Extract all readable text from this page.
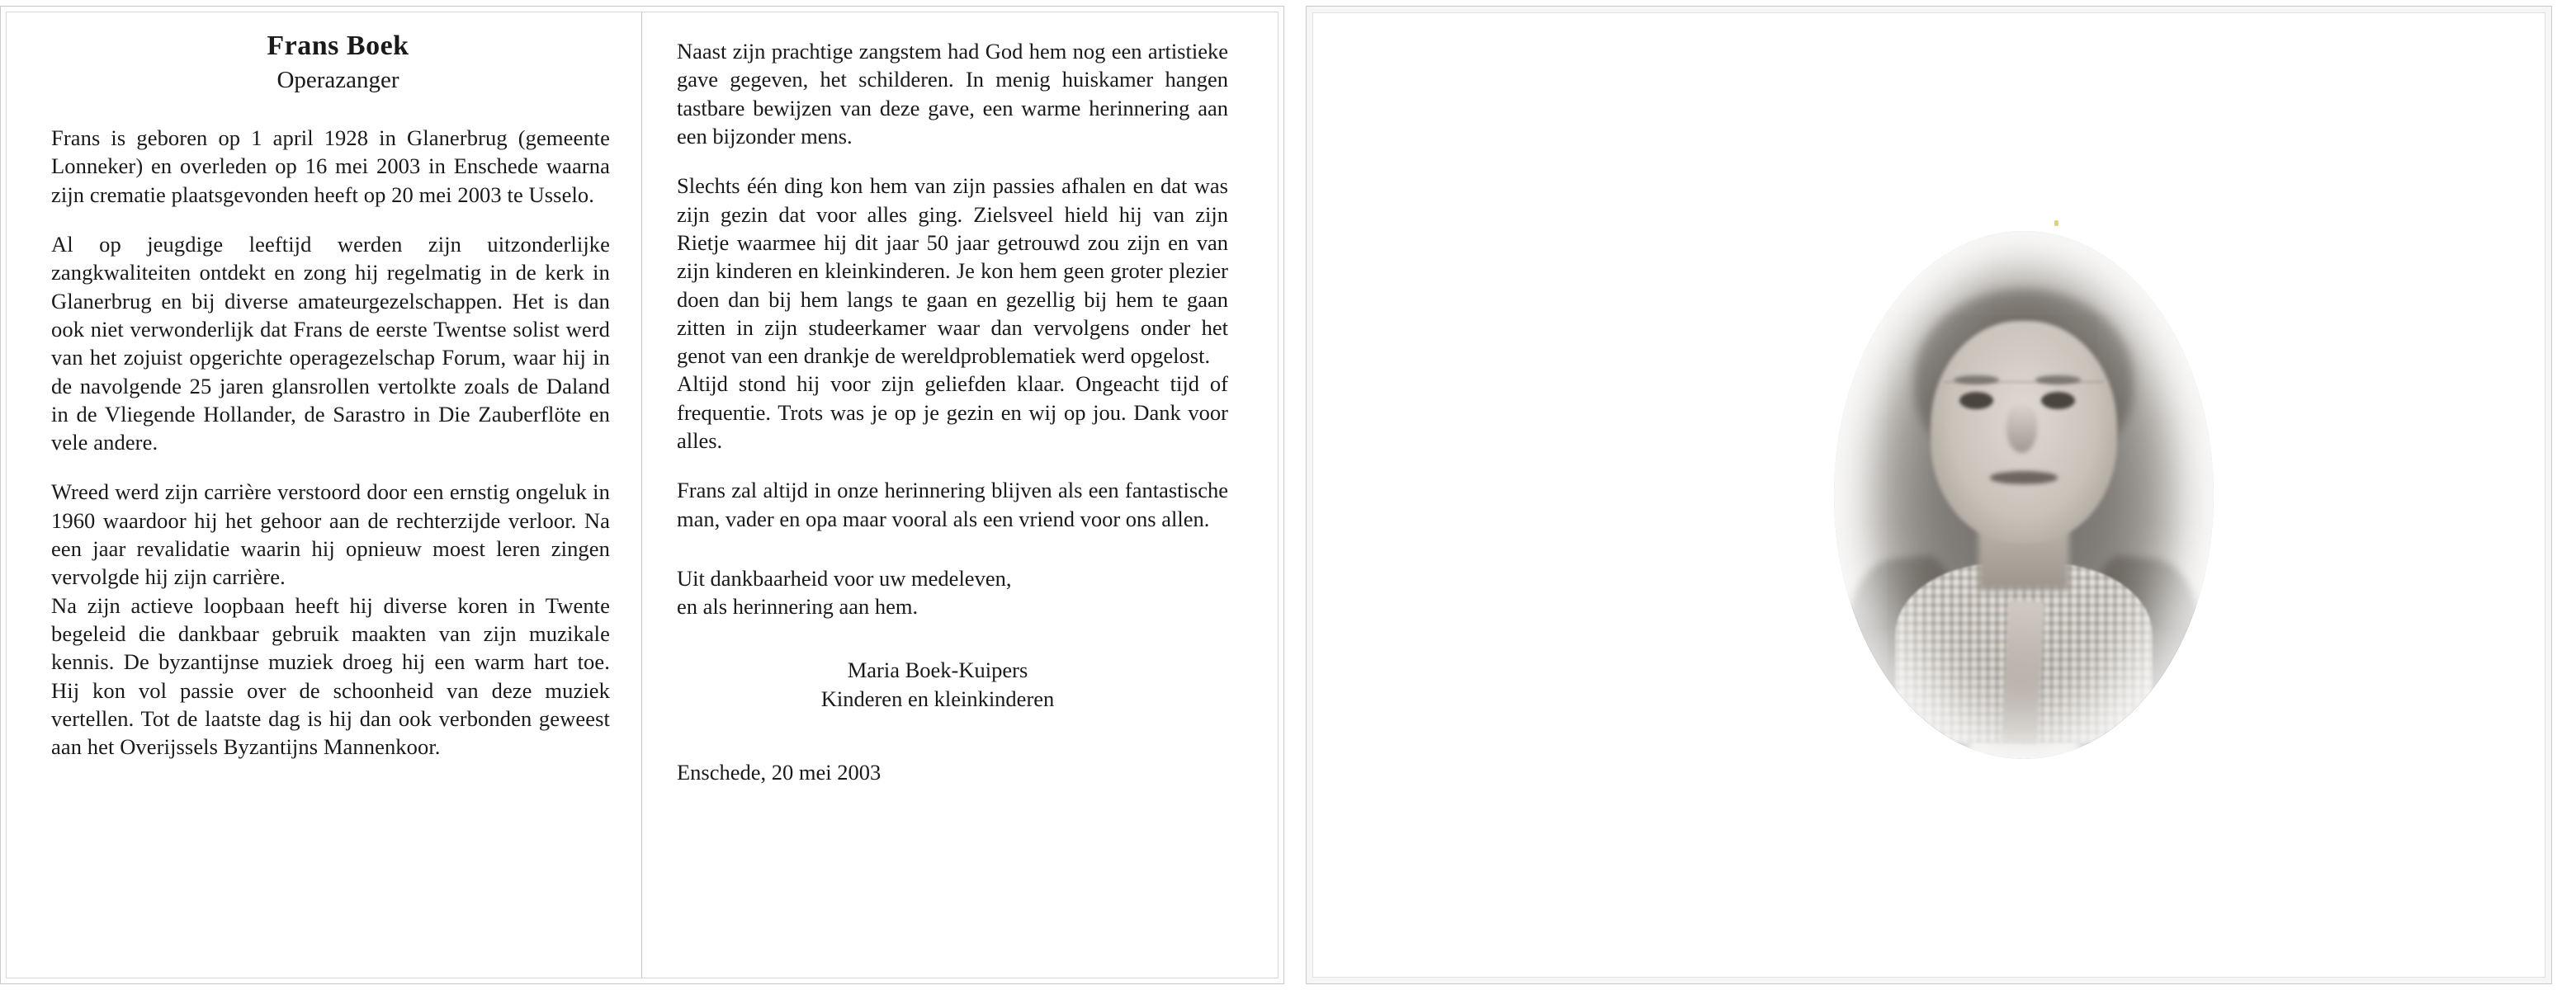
Frans Boek
Operazanger

Frans is geboren op 1 april 1928 in Glanerbrug (gemeente Lonneker) en overleden op 16 mei 2003 in Enschede waarna zijn crematie plaatsgevonden heeft op 20 mei 2003 te Usselo.

Al op jeugdige leeftijd werden zijn uitzonderlijke zangkwaliteiten ontdekt en zong hij regelmatig in de kerk in Glanerbrug en bij diverse amateurgezelschappen. Het is dan ook niet verwonderlijk dat Frans de eerste Twentse solist werd van het zojuist opgerichte operagezelschap Forum, waar hij in de navolgende 25 jaren glansrollen vertolkte zoals de Daland in de Vliegende Hollander, de Sarastro in Die Zauberflöte en vele andere.

Wreed werd zijn carrière verstoord door een ernstig ongeluk in 1960 waardoor hij het gehoor aan de rechterzijde verloor. Na een jaar revalidatie waarin hij opnieuw moest leren zingen vervolgde hij zijn carrière.

Na zijn actieve loopbaan heeft hij diverse koren in Twente begeleid die dankbaar gebruik maakten van zijn muzikale kennis. De byzantijnse muziek droeg hij een warm hart toe. Hij kon vol passie over de schoonheid van deze muziek vertellen. Tot de laatste dag is hij dan ook verbonden geweest aan het Overijssels Byzantijns Mannenkoor.

Naast zijn prachtige zangstem had God hem nog een artistieke gave gegeven, het schilderen. In menig huiskamer hangen tastbare bewijzen van deze gave, een warme herinnering aan een bijzonder mens.

Slechts één ding kon hem van zijn passies afhalen en dat was zijn gezin dat voor alles ging. Zielsveel hield hij van zijn Rietje waarmee hij dit jaar 50 jaar getrouwd zou zijn en van zijn kinderen en kleinkinderen. Je kon hem geen groter plezier doen dan bij hem langs te gaan en gezellig bij hem te gaan zitten in zijn studeerkamer waar dan vervolgens onder het genot van een drankje de wereldproblematiek werd opgelost.

Altijd stond hij voor zijn geliefden klaar. Ongeacht tijd of frequentie. Trots was je op je gezin en wij op jou. Dank voor alles.

Frans zal altijd in onze herinnering blijven als een fantastische man, vader en opa maar vooral als een vriend voor ons allen.

Uit dankbaarheid voor uw medeleven,
en als herinnering aan hem.
Maria Boek-Kuipers
Kinderen en kleinkinderen
Enschede, 20 mei 2003
